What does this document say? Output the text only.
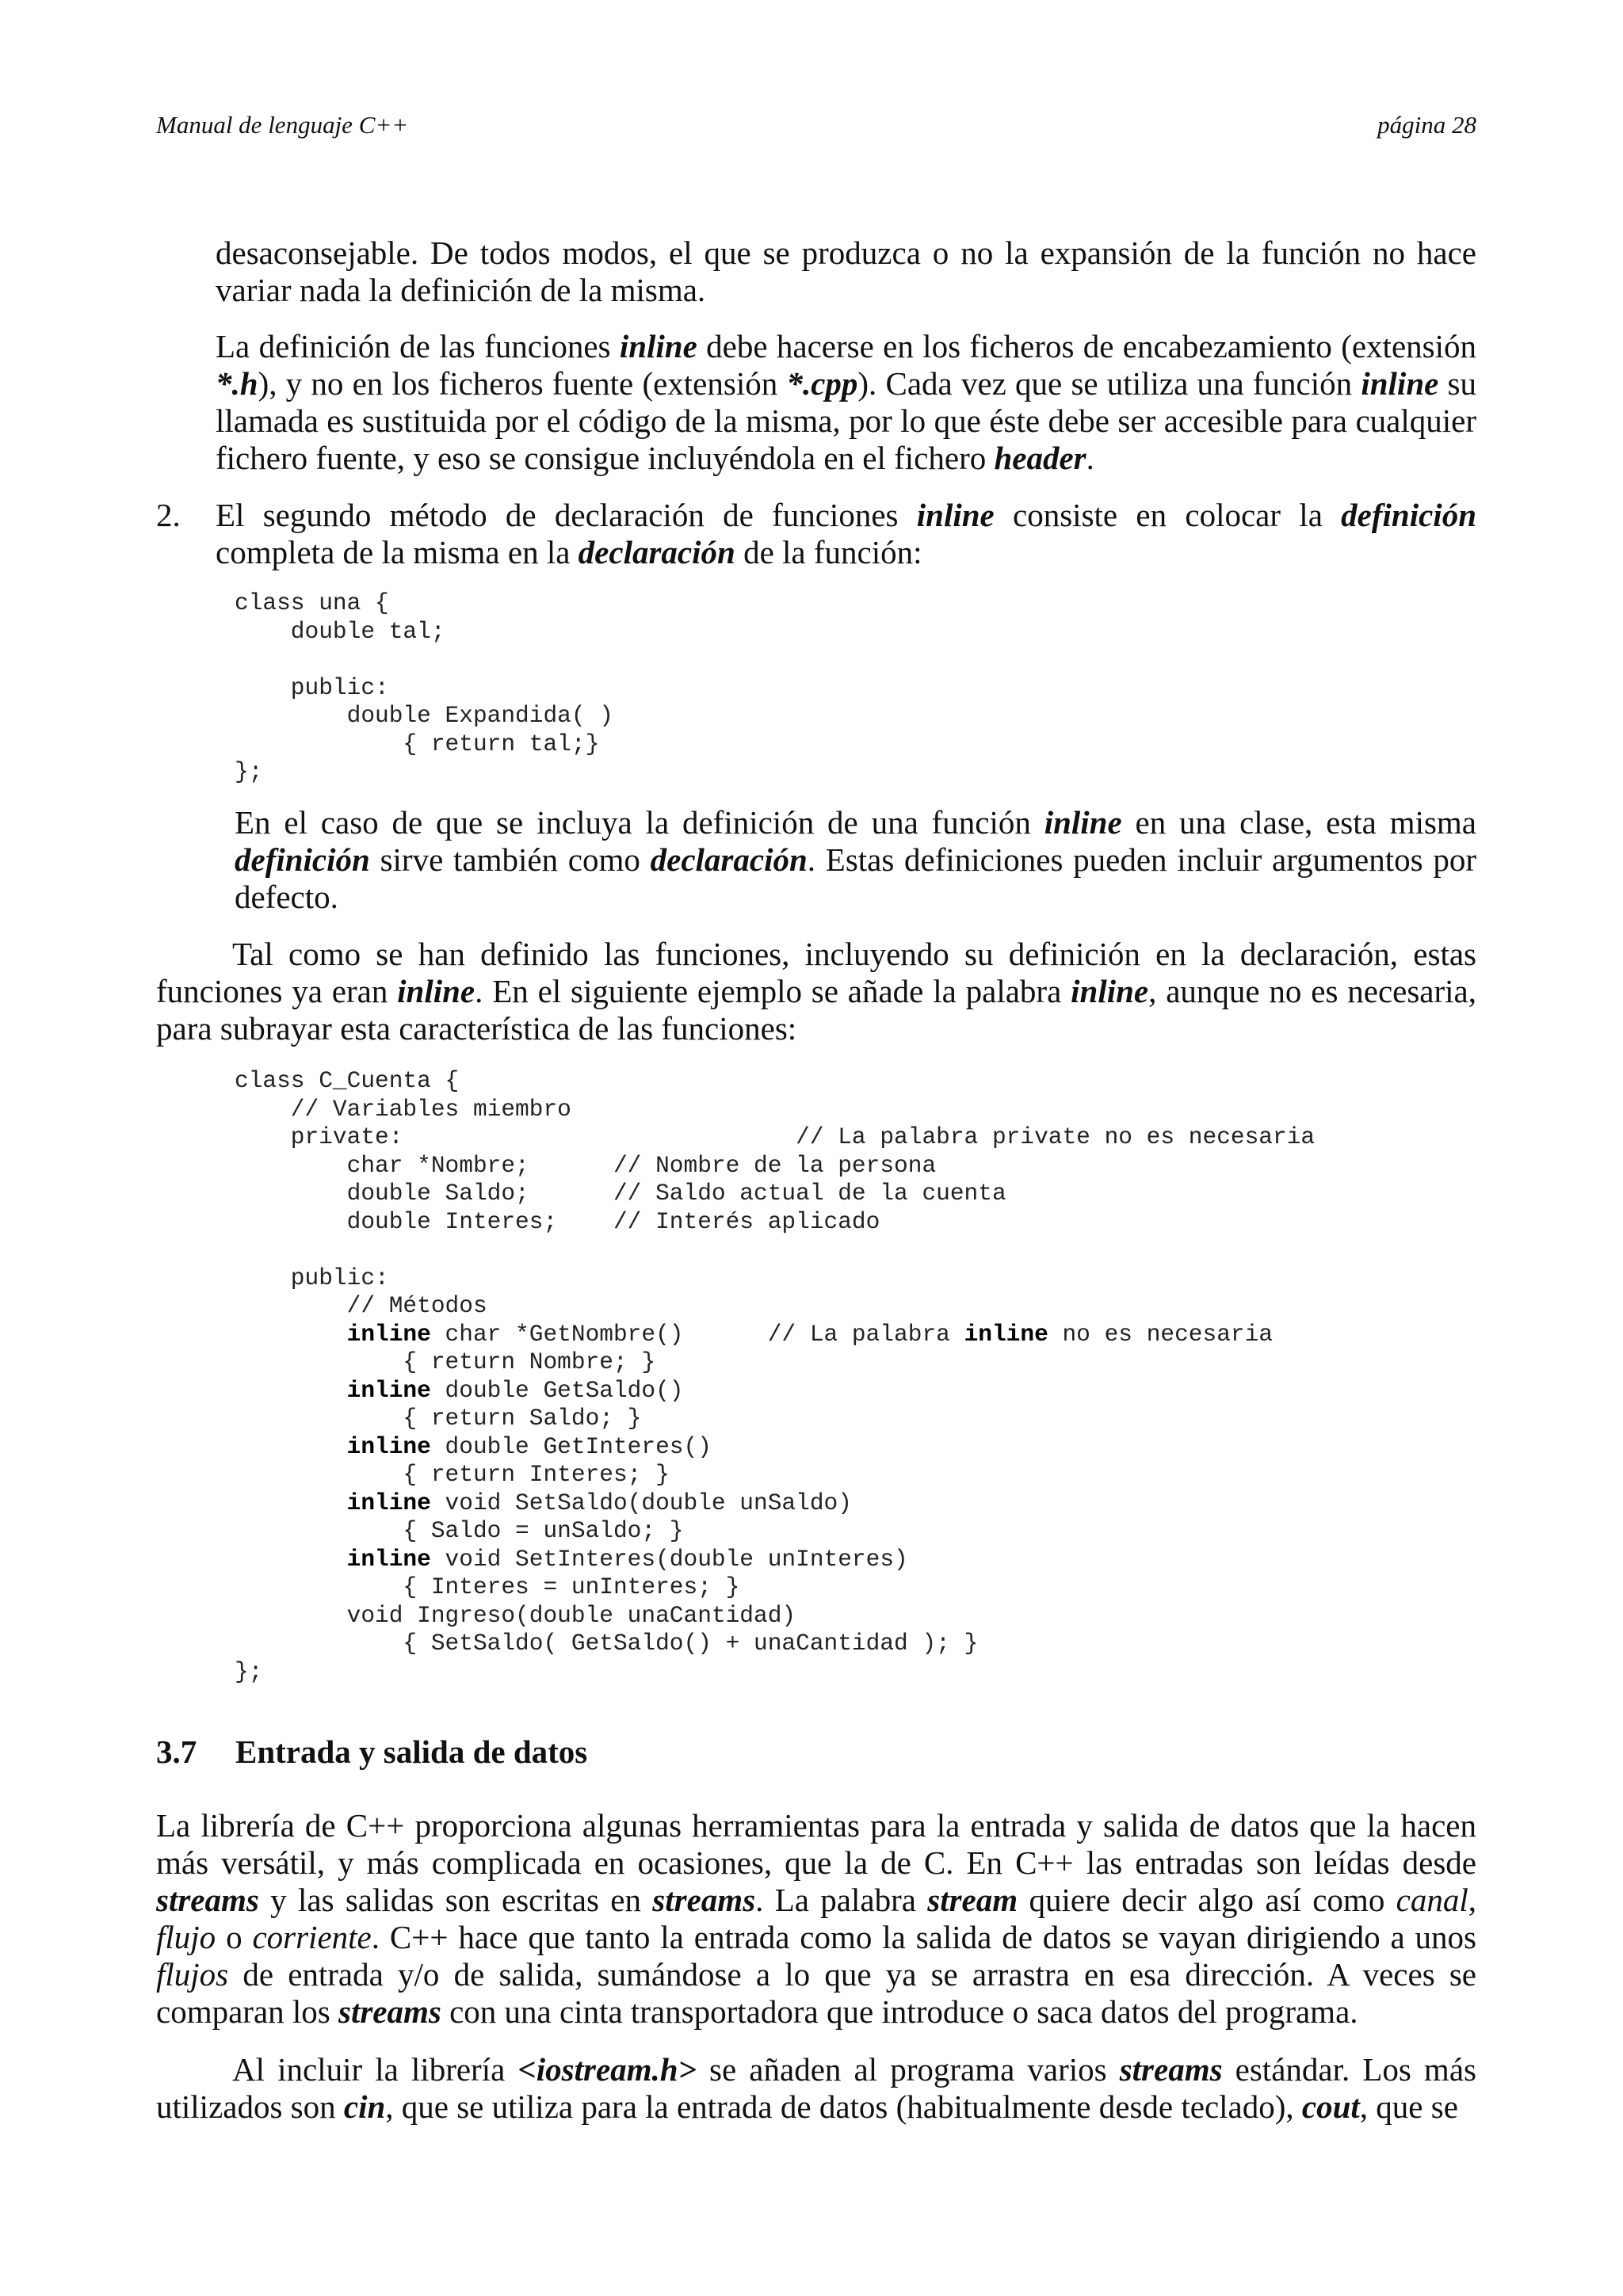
Manual de lenguaje C++	página 28

desaconsejable. De todos modos, el que se produzca o no la expansión de la función no hace variar nada la definición de la misma.

La definición de las funciones inline debe hacerse en los ficheros de encabezamiento (extensión *.h), y no en los ficheros fuente (extensión *.cpp). Cada vez que se utiliza una función inline su llamada es sustituida por el código de la misma, por lo que éste debe ser accesible para cualquier fichero fuente, y eso se consigue incluyéndola en el fichero header.

2. El segundo método de declaración de funciones inline consiste en colocar la definición completa de la misma en la declaración de la función:

class una {
double tal;

public:
double Expandida( )
{ return tal;}
};

En el caso de que se incluya la definición de una función inline en una clase, esta misma definición sirve también como declaración. Estas definiciones pueden incluir argumentos por defecto.

Tal como se han definido las funciones, incluyendo su definición en la declaración, estas funciones ya eran inline. En el siguiente ejemplo se añade la palabra inline, aunque no es necesaria, para subrayar esta característica de las funciones:

class C_Cuenta {
// Variables miembro
private:                            // La palabra private no es necesaria
char *Nombre;      // Nombre de la persona
double Saldo;      // Saldo actual de la cuenta
double Interes;    // Interés aplicado

public:
// Métodos
inline char *GetNombre()      // La palabra inline no es necesaria
{ return Nombre; }
inline double GetSaldo()
{ return Saldo; }
inline double GetInteres()
{ return Interes; }
inline void SetSaldo(double unSaldo)
{ Saldo = unSaldo; }
inline void SetInteres(double unInteres)
{ Interes = unInteres; }
void Ingreso(double unaCantidad)
{ SetSaldo( GetSaldo() + unaCantidad ); }
};
3.7 Entrada y salida de datos

La librería de C++ proporciona algunas herramientas para la entrada y salida de datos que la hacen más versátil, y más complicada en ocasiones, que la de C. En C++ las entradas son leídas desde streams y las salidas son escritas en streams. La palabra stream quiere decir algo así como canal, flujo o corriente. C++ hace que tanto la entrada como la salida de datos se vayan dirigiendo a unos flujos de entrada y/o de salida, sumándose a lo que ya se arrastra en esa dirección. A veces se comparan los streams con una cinta transportadora que introduce o saca datos del programa.

Al incluir la librería <iostream.h> se añaden al programa varios streams estándar. Los más utilizados son cin, que se utiliza para la entrada de datos (habitualmente desde teclado), cout, que se
